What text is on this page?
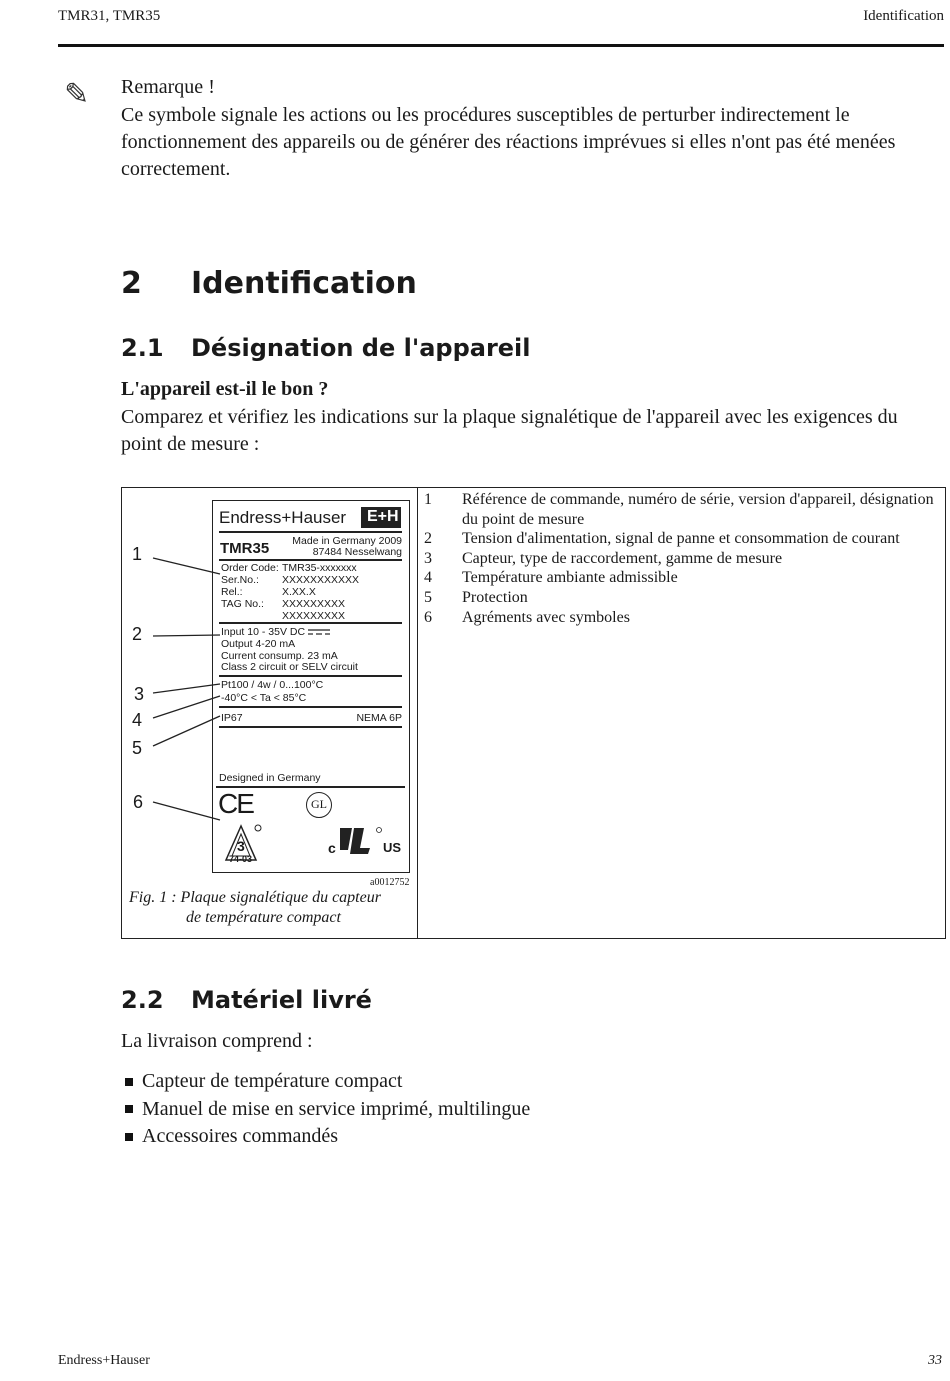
TMR31, TMR35	Identification
✎ Remarque !
Ce symbole signale les actions ou les procédures susceptibles de perturber indirectement le fonctionnement des appareils ou de générer des réactions imprévues si elles n'ont pas été menées correctement.
2 Identification
2.1 Désignation de l'appareil
L'appareil est-il le bon ?
Comparez et vérifiez les indications sur la plaque signalétique de l'appareil avec les exigences du point de mesure :
Endress+Hauser E+H
TMR35 Made in Germany 2009
87484 Nesselwang
Order Code: TMR35-xxxxxxx
Ser.No.: XXXXXXXXXXX
Rel.:	X.XX.X
TAG No.: XXXXXXXXX
XXXXXXXXX
Input 10 - 35V DC
Output 4-20 mA
Current consump. 23 mA
Class 2 circuit or SELV circuit
Pt100 / 4w / 0...100°C
-40°C < Ta < 85°C
IP67	NEMA 6P
Designed in Germany
CE	GL
3
74-03
c	US
1
2
3
4
5
6
a0012752
Fig. 1 : Plaque signalétique du capteur
de température compact
1	Référence de commande, numéro de série, version d'appareil, désignation du point de mesure
2	Tension d'alimentation, signal de panne et consommation de courant
3	Capteur, type de raccordement, gamme de mesure
4	Température ambiante admissible
5	Protection
6	Agréments avec symboles
2.2 Matériel livré
La livraison comprend :
Capteur de température compact
Manuel de mise en service imprimé, multilingue
Accessoires commandés
Endress+Hauser	33
